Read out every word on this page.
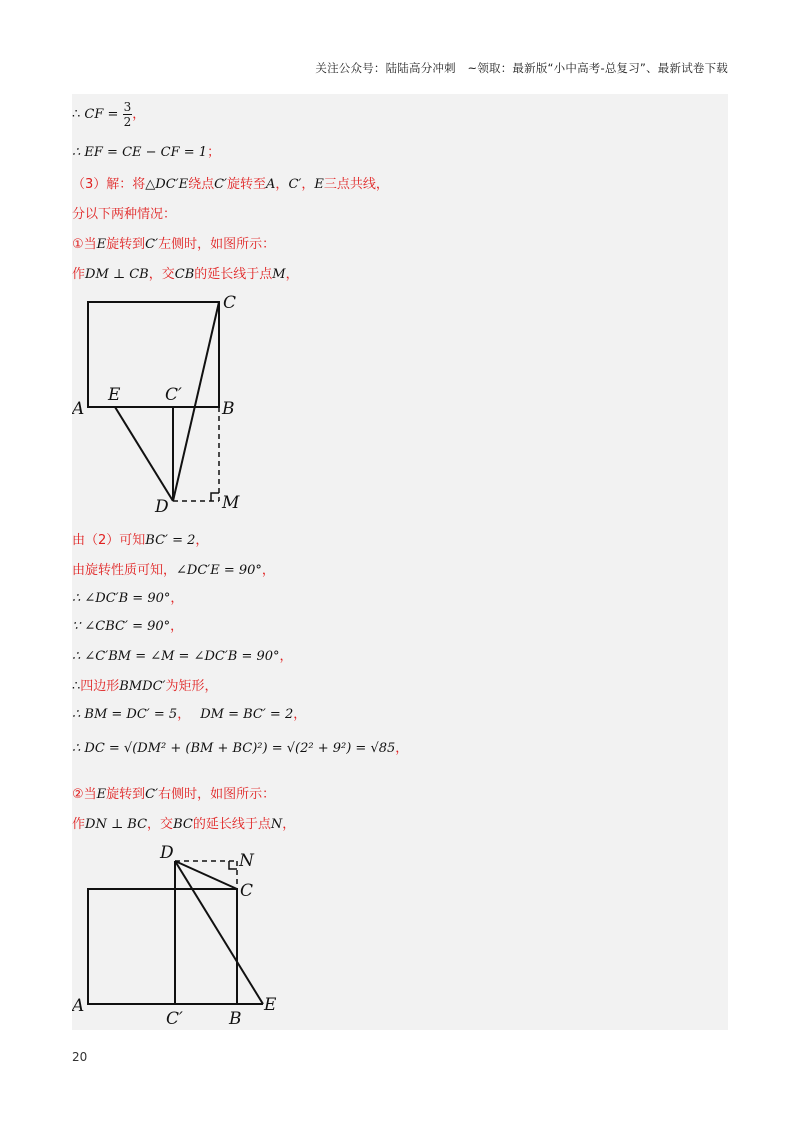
关注公众号：陆陆高分冲刺　~领取：最新版“小中高考-总复习”、最新试卷下载
∴ CF = $\frac{3}{2}$ ，
∴ EF = CE − CF = 1；
（3）解：将△DC′E绕点C′旋转至A，C′，E三点共线，
分以下两种情况：
①当E旋转到C′左侧时，如图所示：
作DM ⊥ CB，交CB的延长线于点M，
C
A
E	C′
B
D	M
由（2）可知BC′ = 2，
由旋转性质可知，∠DC′E = 90°，
∴ ∠DC′B = 90°，
∵ ∠CBC′ = 90°，
∴ ∠C′BM = ∠M = ∠DC′B = 90°，
∴四边形BMDC′为矩形，
∴ BM = DC′ = 5， DM = BC′ = 2，
∴ DC = √(DM² + (BM + BC)²) = √(2² + 9²) = √85，
②当E旋转到C′右侧时，如图所示：
作DN ⊥ BC，交BC的延长线于点N，
D	N
C
A
C′	B
E
20
